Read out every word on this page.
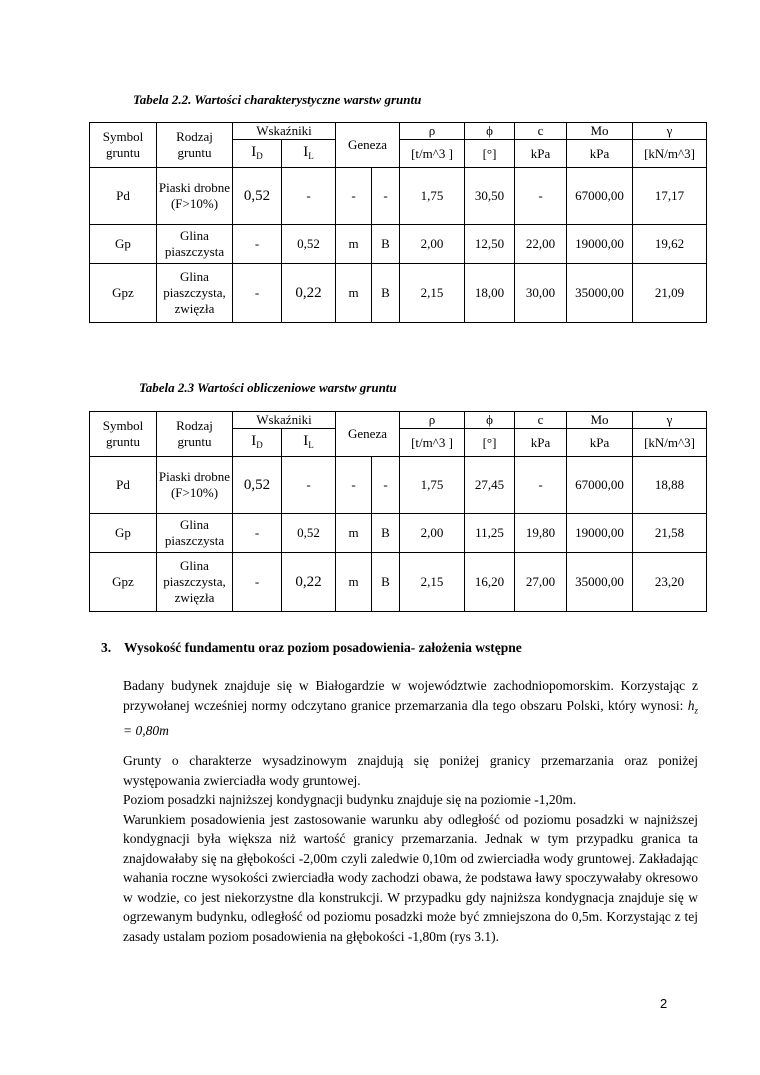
Tabela 2.2. Wartości charakterystyczne warstw gruntu
Symbol gruntu	Rodzaj gruntu	Wskaźniki		Geneza		ρ	ϕ	c	Mo	γ
		$I_D$	$I_L$			[t/m^3 ]	[°]	kPa	kPa	[kN/m^3]
Pd	Piaski drobne (F>10%)	0,52	-	-	-	1,75	30,50	-	67000,00	17,17
Gp	Glina piaszczysta	-	0,52	m	B	2,00	12,50	22,00	19000,00	19,62
Gpz	Glina piaszczysta, zwięzła	-	0,22	m	B	2,15	18,00	30,00	35000,00	21,09
Tabela 2.3 Wartości obliczeniowe warstw gruntu
Symbol gruntu	Rodzaj gruntu	Wskaźniki		Geneza		ρ	ϕ	c	Mo	γ
		$I_D$	$I_L$			[t/m^3 ]	[°]	kPa	kPa	[kN/m^3]
Pd	Piaski drobne (F>10%)	0,52	-	-	-	1,75	27,45	-	67000,00	18,88
Gp	Glina piaszczysta	-	0,52	m	B	2,00	11,25	19,80	19000,00	21,58
Gpz	Glina piaszczysta, zwięzła	-	0,22	m	B	2,15	16,20	27,00	35000,00	23,20
3. Wysokość fundamentu oraz poziom posadowienia- założenia wstępne

Badany budynek znajduje się w Białogardzie w województwie zachodniopomorskim. Korzystając z przywołanej wcześniej normy odczytano granice przemarzania dla tego obszaru Polski, który wynosi: $h_z = 0,80m$

Grunty o charakterze wysadzinowym znajdują się poniżej granicy przemarzania oraz poniżej występowania zwierciadła wody gruntowej.

Poziom posadzki najniższej kondygnacji budynku znajduje się na poziomie -1,20m.

Warunkiem posadowienia jest zastosowanie warunku aby odległość od poziomu posadzki w najniższej kondygnacji była większa niż wartość granicy przemarzania. Jednak w tym przypadku granica ta znajdowałaby się na głębokości -2,00m czyli zaledwie 0,10m od zwierciadła wody gruntowej. Zakładając wahania roczne wysokości zwierciadła wody zachodzi obawa, że podstawa ławy spoczywałaby okresowo w wodzie, co jest niekorzystne dla konstrukcji. W przypadku gdy najniższa kondygnacja znajduje się w ogrzewanym budynku, odległość od poziomu posadzki może być zmniejszona do 0,5m. Korzystając z tej zasady ustalam poziom posadowienia na głębokości -1,80m (rys 3.1).

2
